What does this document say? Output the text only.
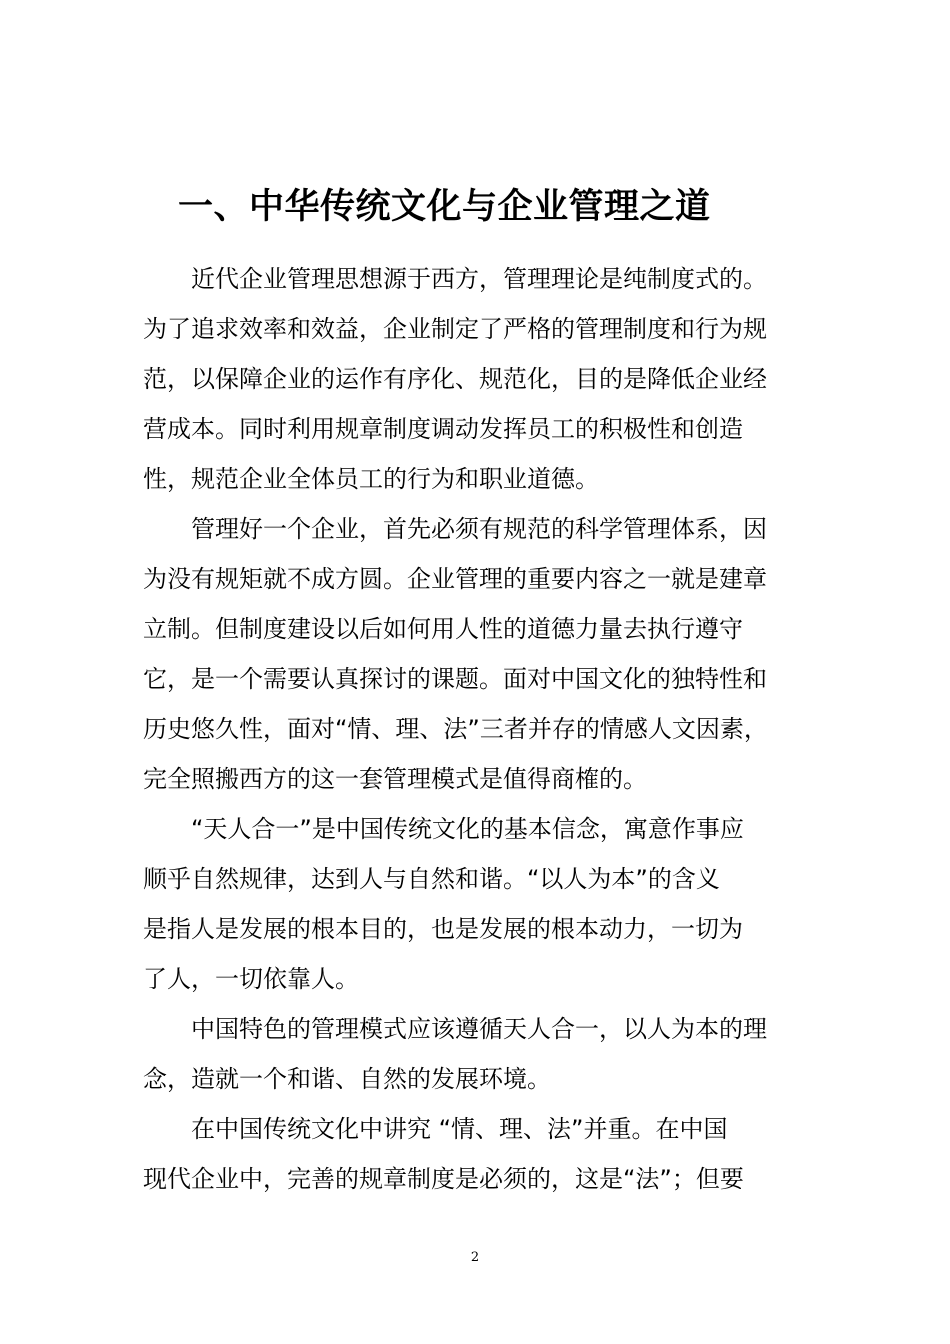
一、中华传统文化与企业管理之道
　　近代企业管理思想源于西方，管理理论是纯制度式的。
为了追求效率和效益，企业制定了严格的管理制度和行为规
范，以保障企业的运作有序化、规范化，目的是降低企业经
营成本。同时利用规章制度调动发挥员工的积极性和创造
性，规范企业全体员工的行为和职业道德。
　　管理好一个企业，首先必须有规范的科学管理体系，因
为没有规矩就不成方圆。企业管理的重要内容之一就是建章
立制。但制度建设以后如何用人性的道德力量去执行遵守
它，是一个需要认真探讨的课题。面对中国文化的独特性和
历史悠久性，面对“情、理、法”三者并存的情感人文因素，
完全照搬西方的这一套管理模式是值得商榷的。
　　“天人合一”是中国传统文化的基本信念，寓意作事应
顺乎自然规律，达到人与自然和谐。“以人为本”的含义
是指人是发展的根本目的，也是发展的根本动力，一切为
了人，一切依靠人。
　　中国特色的管理模式应该遵循天人合一，以人为本的理
念，造就一个和谐、自然的发展环境。
　　在中国传统文化中讲究 “情、理、法”并重。在中国
现代企业中，完善的规章制度是必须的，这是“法”；但要
2
